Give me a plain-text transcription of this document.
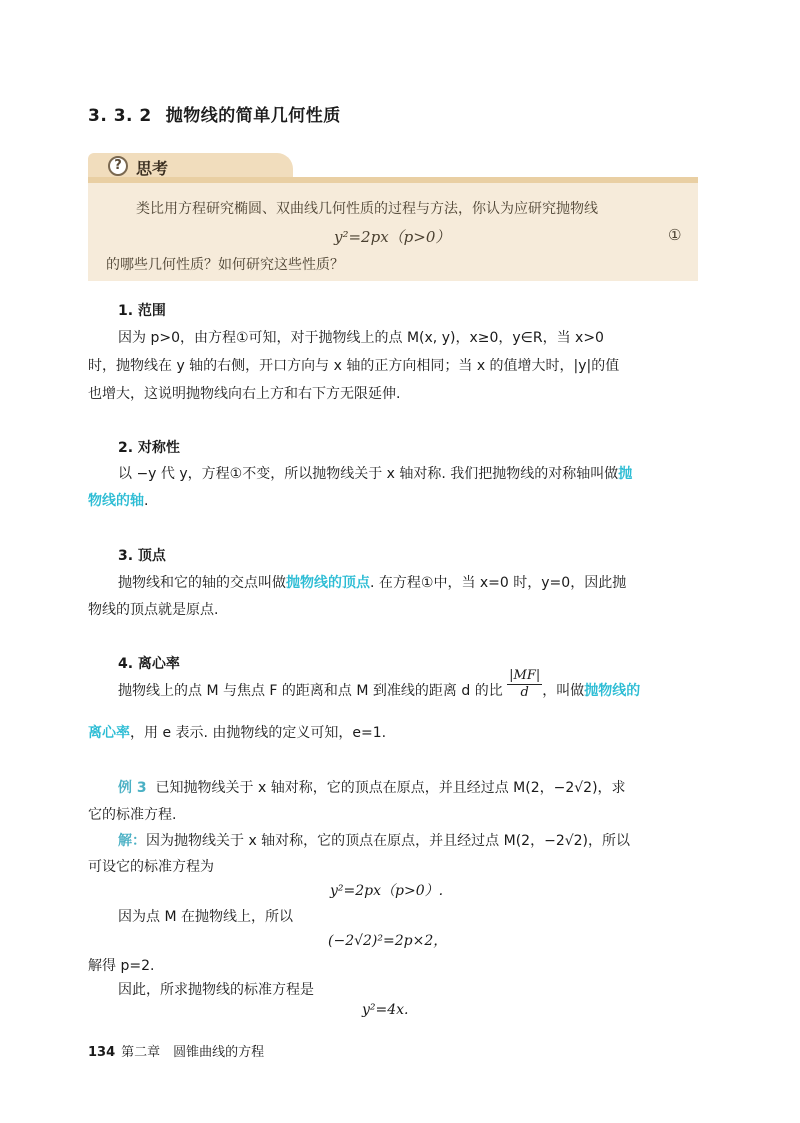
3. 3. 2 抛物线的简单几何性质
? 思考
类比用方程研究椭圆、双曲线几何性质的过程与方法，你认为应研究抛物线
y²=2px（p>0）	①
的哪些几何性质？如何研究这些性质？
1. 范围
因为 p>0，由方程①可知，对于抛物线上的点 M(x, y)，x≥0，y∈R，当 x>0
时，抛物线在 y 轴的右侧，开口方向与 x 轴的正方向相同；当 x 的值增大时，|y|的值
也增大，这说明抛物线向右上方和右下方无限延伸.
2. 对称性
以 −y 代 y，方程①不变，所以抛物线关于 x 轴对称. 我们把抛物线的对称轴叫做抛
物线的轴.
3. 顶点
抛物线和它的轴的交点叫做抛物线的顶点. 在方程①中，当 x=0 时，y=0，因此抛
物线的顶点就是原点.
4. 离心率
抛物线上的点 M 与焦点 F 的距离和点 M 到准线的距离 d 的比 $\frac{|MF|}{d}$ ，叫做抛物线的
离心率，用 e 表示. 由抛物线的定义可知，e=1.
例 3 已知抛物线关于 x 轴对称，它的顶点在原点，并且经过点 M(2，−2√2)，求
它的标准方程.
解：因为抛物线关于 x 轴对称，它的顶点在原点，并且经过点 M(2，−2√2)，所以
可设它的标准方程为
y²=2px（p>0）.
因为点 M 在抛物线上，所以
(−2√2)²=2p×2，
解得 p=2.
因此，所求抛物线的标准方程是
y²=4x.
134 第二章　圆锥曲线的方程
